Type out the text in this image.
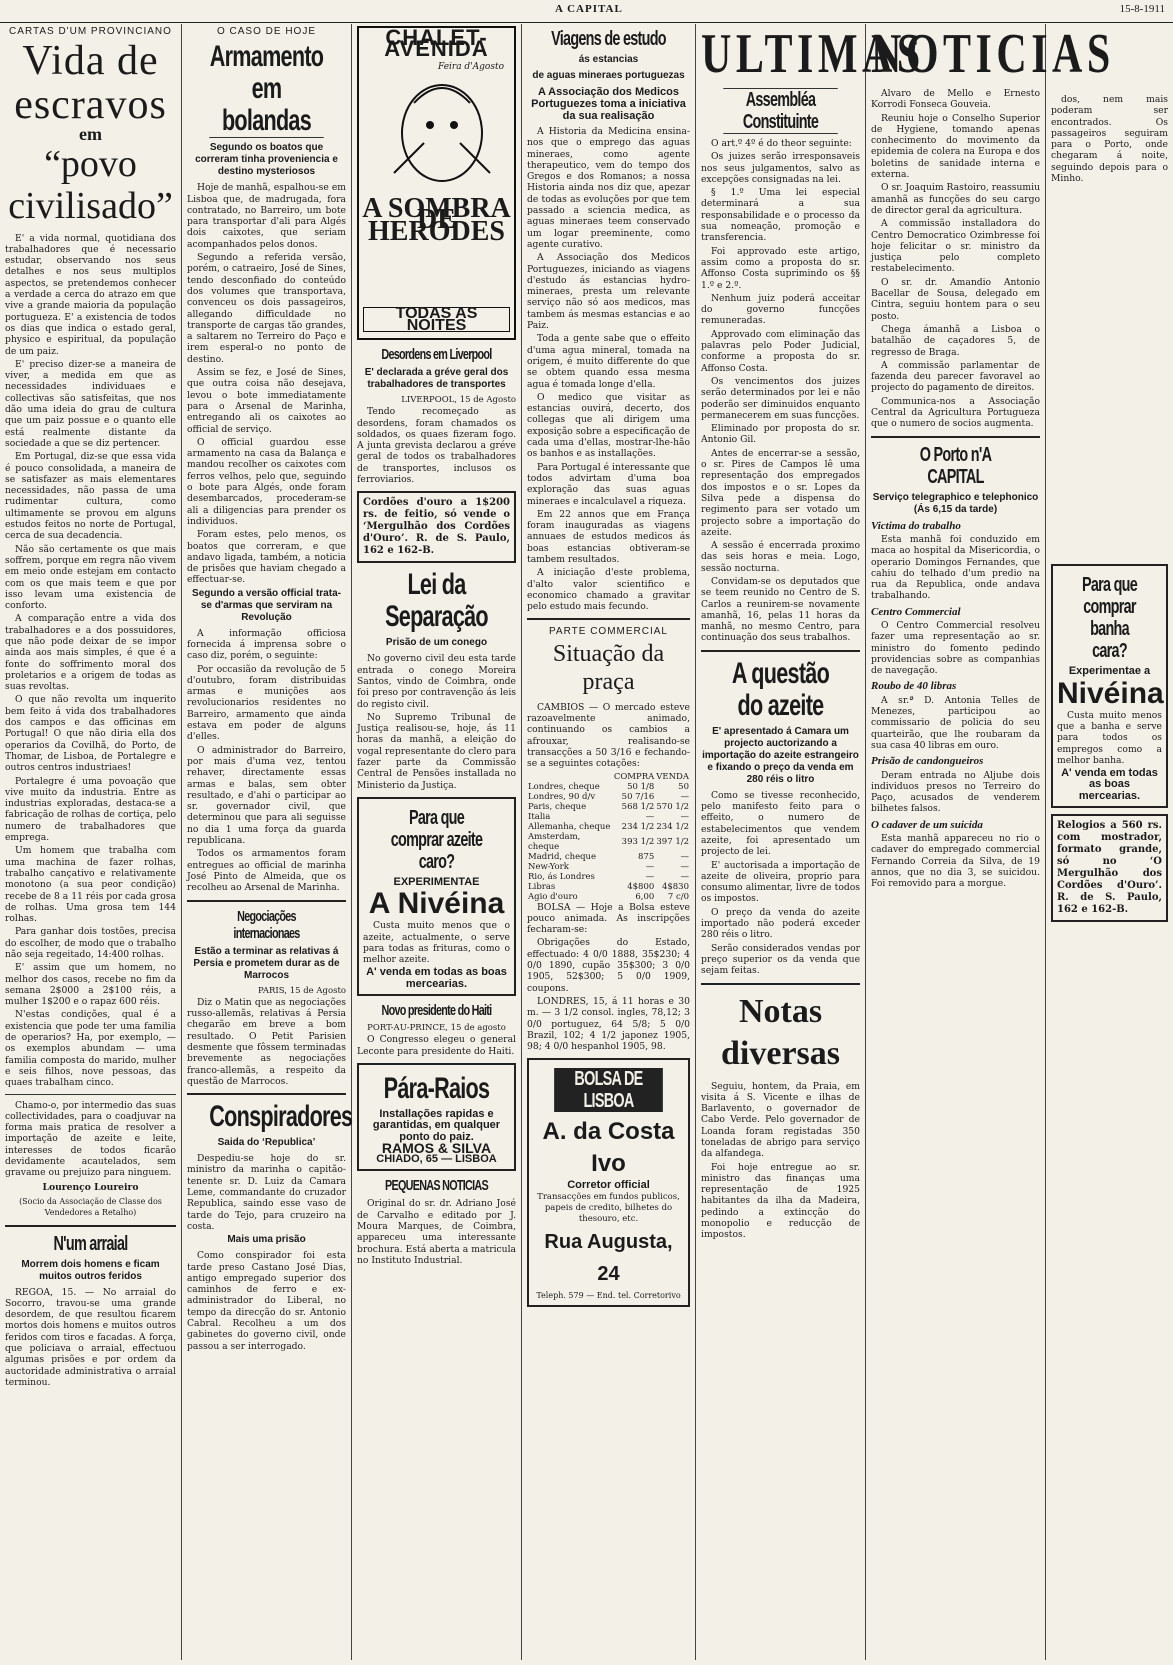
A CAPITAL	15-8-1911
CARTAS D'UM PROVINCIANO
Vida de escravos
em
“povo civilisado”

E' a vida normal, quotidiana dos trabalhadores que é necessario estudar, observando nos seus detalhes e nos seus multiplos aspectos, se pretendemos conhecer a verdade a cerca do atrazo em que vive a grande maioria da população portugueza. E' a existencia de todos os dias que indica o estado geral, physico e espiritual, da população de um paiz.

E' preciso dizer-se a maneira de viver, a medida em que as necessidades individuaes e collectivas são satisfeitas, que nos dão uma ideia do grau de cultura que um paiz possue e o quanto elle está realmente distante da sociedade a que se diz pertencer.

Em Portugal, diz-se que essa vida é pouco consolidada, a maneira de se satisfazer as mais elementares necessidades, não passa de uma rudimentar cultura, como ultimamente se provou em alguns estudos feitos no norte de Portugal, cerca de sua decadencia.

Não são certamente os que mais soffrem, porque em regra não vivem em meio onde estejam em contacto com os que mais teem e que por isso levam uma existencia de conforto.

A comparação entre a vida dos trabalhadores e a dos possuidores, que não pode deixar de se impor ainda aos mais simples, é que é a fonte do soffrimento moral dos proletarios e a origem de todas as suas revoltas.

O que não revolta um inquerito bem feito á vida dos trabalhadores dos campos e das officinas em Portugal! O que não diria ella dos operarios da Covilhã, do Porto, de Thomar, de Lisboa, de Portalegre e outros centros industriaes!

Portalegre é uma povoação que vive muito da industria. Entre as industrias exploradas, destaca-se a fabricação de rolhas de cortiça, pelo numero de trabalhadores que emprega.

Um homem que trabalha com uma machina de fazer rolhas, trabalho cançativo e relativamente monotono (a sua peor condição) recebe de 8 a 11 réis por cada grosa de rolhas. Uma grosa tem 144 rolhas.

Para ganhar dois tostões, precisa do escolher, de modo que o trabalho não seja regeitado, 14:400 rolhas.

E' assim que um homem, no melhor dos casos, recebe no fim da semana 2$000 a 2$100 réis, a mulher 1$200 e o rapaz 600 réis.

N'estas condições, qual é a existencia que pode ter uma familia de operarios? Ha, por exemplo, — os exemplos abundam — uma familia composta do marido, mulher e seis filhos, nove pessoas, das quaes trabalham cinco.

Chamo-o, por intermedio das suas collectividades, para o coadjuvar na forma mais pratica de resolver a importação de azeite e leite, interesses de todos ficarão devidamente acautelados, sem gravame ou prejuizo para ninguem.

Lourenço Loureiro
(Socio da Associação de Classe dos Vendedores a Retalho)
N'um arraial
Morrem dois homens e ficam muitos outros feridos

REGOA, 15. — No arraial do Socorro, travou-se uma grande desordem, de que resultou ficarem mortos dois homens e muitos outros feridos com tiros e facadas. A força, que policiava o arraial, effectuou algumas prisões e por ordem da auctoridade administrativa o arraial terminou.

O CASO DE HOJE
Armamento em bolandas
Segundo os boatos que correram tinha proveniencia e destino mysteriosos

Hoje de manhã, espalhou-se em Lisboa que, de madrugada, fora contratado, no Barreiro, um bote para transportar d'ali para Algés dois caixotes, que seriam acompanhados pelos donos.

Segundo a referida versão, porém, o catraeiro, José de Sines, tendo desconfiado do conteúdo dos volumes que transportava, convenceu os dois passageiros, allegando difficuldade no transporte de cargas tão grandes, a saltarem no Terreiro do Paço e irem esperal-o no ponto de destino.

Assim se fez, e José de Sines, que outra coisa não desejava, levou o bote immediatamente para o Arsenal de Marinha, entregando ali os caixotes ao official de serviço.

O official guardou esse armamento na casa da Balança e mandou recolher os caixotes com ferros velhos, pelo que, seguindo o bote para Algés, onde foram desembarcados, procederam-se ali a diligencias para prender os individuos.

Foram estes, pelo menos, os boatos que correram, e que andavo ligada, também, a noticia de prisões que haviam chegado a effectuar-se.

Segundo a versão official trata-se d'armas que serviram na Revolução

A informação officiosa fornecida á imprensa sobre o caso diz, porém, o seguinte:

Por occasião da revolução de 5 d'outubro, foram distribuidas armas e munições aos revolucionarios residentes no Barreiro, armamento que ainda estava em poder de alguns d'elles.

O administrador do Barreiro, por mais d'uma vez, tentou rehaver, directamente essas armas e balas, sem obter resultado, e d'ahi o participar ao sr. governador civil, que determinou que para ali seguisse no dia 1 uma força da guarda republicana.

Todos os armamentos foram entregues ao official de marinha José Pinto de Almeida, que os recolheu ao Arsenal de Marinha.

Negociações internacionaes
Estão a terminar as relativas á Persia e prometem durar as de Marrocos
PARIS, 15 de Agosto

Diz o Matin que as negociações russo-allemãs, relativas á Persia chegarão em breve a bom resultado. O Petit Parisien desmente que fôssem terminadas brevemente as negociações franco-allemãs, a respeito da questão de Marrocos.

Conspiradores
Saida do ‘Republica’

Despediu-se hoje do sr. ministro da marinha o capitão-tenente sr. D. Luiz da Camara Leme, commandante do cruzador Republica, saindo esse vaso de tarde do Tejo, para cruzeiro na costa.

Mais uma prisão

Como conspirador foi esta tarde preso Castano José Dias, antigo empregado superior dos caminhos de ferro e ex-administrador do Liberal, no tempo da direcção do sr. Antonio Cabral. Recolheu a um dos gabinetes do governo civil, onde passou a ser interrogado.

CHALET-AVENIDA
Feira d'Agosto
A SOMBRA DE HERODES
TODAS AS NOITES
Desordens em Liverpool
E' declarada a gréve geral dos trabalhadores de transportes
LIVERPOOL, 15 de Agosto

Tendo recomeçado as desordens, foram chamados os soldados, os quaes fizeram fogo. A junta grevista declarou a gréve geral de todos os trabalhadores de transportes, inclusos os ferroviarios.

Cordões d'ouro a 1$200 rs. de feitio, só vende o ‘Mergulhão dos Cordões d'Ouro’. R. de S. Paulo, 162 e 162-B.
Lei da Separação
Prisão de um conego

No governo civil deu esta tarde entrada o conego Moreira Santos, vindo de Coimbra, onde foi preso por contravenção ás leis do registo civil.

No Supremo Tribunal de Justiça realisou-se, hoje, ás 11 horas da manhã, a eleição do vogal representante do clero para fazer parte da Commissão Central de Pensões installada no Ministerio da Justiça.

Para que comprar azeite caro?
EXPERIMENTAE
A Nivéina

Custa muito menos que o azeite, actualmente, o serve para todas as frituras, como o melhor azeite.

A' venda em todas as boas mercearias.
Novo presidente do Haiti
PORT-AU-PRINCE, 15 de agosto

O Congresso elegeu o general Leconte para presidente do Haiti.

Pára-Raios
Installações rapidas e garantidas, em qualquer ponto do paiz.
RAMOS & SILVA
CHIADO, 65 — LISBOA
PEQUENAS NOTICIAS

Original do sr. dr. Adriano José de Carvalho e editado por J. Moura Marques, de Coimbra, appareceu uma interessante brochura. Está aberta a matricula no Instituto Industrial.

Viagens de estudo
ás estancias
de aguas mineraes portuguezas
A Associação dos Medicos Portuguezes toma a iniciativa da sua realisação

A Historia da Medicina ensina-nos que o emprego das aguas mineraes, como agente therapeutico, vem do tempo dos Gregos e dos Romanos; a nossa Historia ainda nos diz que, apezar de todas as evoluções por que tem passado a sciencia medica, as aguas mineraes teem conservado um logar preeminente, como agente curativo.

A Associação dos Medicos Portuguezes, iniciando as viagens d'estudo ás estancias hydro-mineraes, presta um relevante serviço não só aos medicos, mas tambem ás mesmas estancias e ao Paiz.

Toda a gente sabe que o effeito d'uma agua mineral, tomada na origem, é muito differente do que se obtem quando essa mesma agua é tomada longe d'ella.

O medico que visitar as estancias ouvirá, decerto, dos collegas que ali dirigem uma exposição sobre a especificação de cada uma d'ellas, mostrar-lhe-hão os banhos e as installações.

Para Portugal é interessante que todos advirtam d'uma boa exploração das suas aguas mineraes e incalculavel a riqueza.

Em 22 annos que em França foram inauguradas as viagens annuaes de estudos medicos ás boas estancias obtiveram-se tambem resultados.

A iniciação d'este problema, d'alto valor scientifico e economico chamado a gravitar pelo estudo mais fecundo.

PARTE COMMERCIAL
Situação da praça

CAMBIOS — O mercado esteve razoavelmente animado, continuando os cambios a afrouxar, realisando-se transacções a 50 3/16 e fechando-se a seguintes cotações:

	COMPRA	VENDA
Londres, cheque	50 1/8	50
Londres, 90 d/v	50 7/16	—
Paris, cheque	568 1/2	570 1/2
Italia	—	—
Allemanha, cheque	234 1/2	234 1/2
Amsterdam, cheque	393 1/2	397 1/2
Madrid, cheque	875	—
New-York	—	—
Rio, ás Londres	—	—
Libras	4$800	4$830
Agio d'ouro	6,00	7 c/0

BOLSA — Hoje a Bolsa esteve pouco animada. As inscripções fecharam-se:

Obrigações do Estado, effectuado: 4 0/0 1888, 35$230; 4 0/0 1890, cupão 35$300; 3 0/0 1905, 52$300; 5 0/0 1909, coupons.

LONDRES, 15, á 11 horas e 30 m. — 3 1/2 consol. ingles, 78,12; 3 0/0 portuguez, 64 5/8; 5 0/0 Brazil, 102; 4 1/2 japonez 1905, 98; 4 0/0 hespanhol 1905, 98.

BOLSA DE LISBOA
A. da Costa Ivo
Corretor official
Transacções em fundos publicos, papeis de credito, bilhetes do thesouro, etc.
Rua Augusta, 24
Teleph. 579 — End. tel. Corretorivo
ULTIMAS
Assembléa Constituinte

O art.º 4º é do theor seguinte:

Os juizes serão irresponsaveis nos seus julgamentos, salvo as excepções consignadas na lei.

§ 1.º Uma lei especial determinará a sua responsabilidade e o processo da sua nomeação, promoção e transferencia.

Foi approvado este artigo, assim como a proposta do sr. Affonso Costa suprimindo os §§ 1.º e 2.º.

Nenhum juiz poderá acceitar do governo funcções remuneradas.

Approvado com eliminação das palavras pelo Poder Judicial, conforme a proposta do sr. Affonso Costa.

Os vencimentos dos juizes serão determinados por lei e não poderão ser diminuidos enquanto permanecerem em suas funcções.

Eliminado por proposta do sr. Antonio Gil.

Antes de encerrar-se a sessão, o sr. Pires de Campos lê uma representação dos empregados dos impostos e o sr. Lopes da Silva pede a dispensa do regimento para ser votado um projecto sobre a importação do azeite.

A sessão é encerrada proximo das seis horas e meia. Logo, sessão nocturna.

Convidam-se os deputados que se teem reunido no Centro de S. Carlos a reunirem-se novamente amanhã, 16, pelas 11 horas da manhã, no mesmo Centro, para continuação dos seus trabalhos.

A questão do azeite
E' apresentado á Camara um projecto auctorizando a importação do azeite estrangeiro e fixando o preço da venda em 280 réis o litro

Como se tivesse reconhecido, pelo manifesto feito para o effeito, o numero de estabelecimentos que vendem azeite, foi apresentado um projecto de lei.

E' auctorisada a importação de azeite de oliveira, proprio para consumo alimentar, livre de todos os impostos.

O preço da venda do azeite importado não poderá exceder 280 réis o litro.

Serão considerados vendas por preço superior os da venda que sejam feitas.

Notas diversas

Seguiu, hontem, da Praia, em visita á S. Vicente e ilhas de Barlavento, o governador de Cabo Verde. Pelo governador de Loanda foram registadas 350 toneladas de abrigo para serviço da alfandega.

Foi hoje entregue ao sr. ministro das finanças uma representação de 1925 habitantes da ilha da Madeira, pedindo a extincção do monopolio e reducção de impostos.

NOTICIAS

Alvaro de Mello e Ernesto Korrodi Fonseca Gouveia.

Reuniu hoje o Conselho Superior de Hygiene, tomando apenas conhecimento do movimento da epidemia de colera na Europa e dos boletins de sanidade interna e externa.

O sr. Joaquim Rastoiro, reassumiu amanhã as funcções do seu cargo de director geral da agricultura.

A commissão installadora do Centro Democratico Ozimbresse foi hoje felicitar o sr. ministro da justiça pelo completo restabelecimento.

O sr. dr. Amandio Antonio Bacellar de Sousa, delegado em Cintra, seguiu hontem para o seu posto.

Chega ámanhã a Lisboa o batalhão de caçadores 5, de regresso de Braga.

A commissão parlamentar de fazenda deu parecer favoravel ao projecto do pagamento de direitos.

Communica-nos a Associação Central da Agricultura Portugueza que o numero de socios augmenta.

O Porto n'A CAPITAL
Serviço telegraphico e telephonico (Ás 6,15 da tarde)
Victima do trabalho

Esta manhã foi conduzido em maca ao hospital da Misericordia, o operario Domingos Fernandes, que cahiu do telhado d'um predio na rua da Republica, onde andava trabalhando.

Centro Commercial

O Centro Commercial resolveu fazer uma representação ao sr. ministro do fomento pedindo providencias sobre as companhias de navegação.

Roubo de 40 libras

A sr.ª D. Antonia Telles de Menezes, participou ao commissario de policia do seu quarteirão, que lhe roubaram da sua casa 40 libras em ouro.

Prisão de candongueiros

Deram entrada no Aljube dois individuos presos no Terreiro do Paço, acusados de venderem bilhetes falsos.

O cadaver de um suicida

Esta manhã appareceu no rio o cadaver do empregado commercial Fernando Correia da Silva, de 19 annos, que no dia 3, se suicidou. Foi removido para a morgue.

dos, nem mais poderam ser encontrados. Os passageiros seguiram para o Porto, onde chegaram á noite, seguindo depois para o Minho.

Para que comprar banha cara?
Experimentae a
Nivéina

Custa muito menos que a banha e serve para todos os empregos como a melhor banha.

A' venda em todas as boas mercearias.
Relogios a 560 rs. com mostrador, formato grande, só no ‘O Mergulhão dos Cordões d'Ouro’. R. de S. Paulo, 162 e 162-B.
